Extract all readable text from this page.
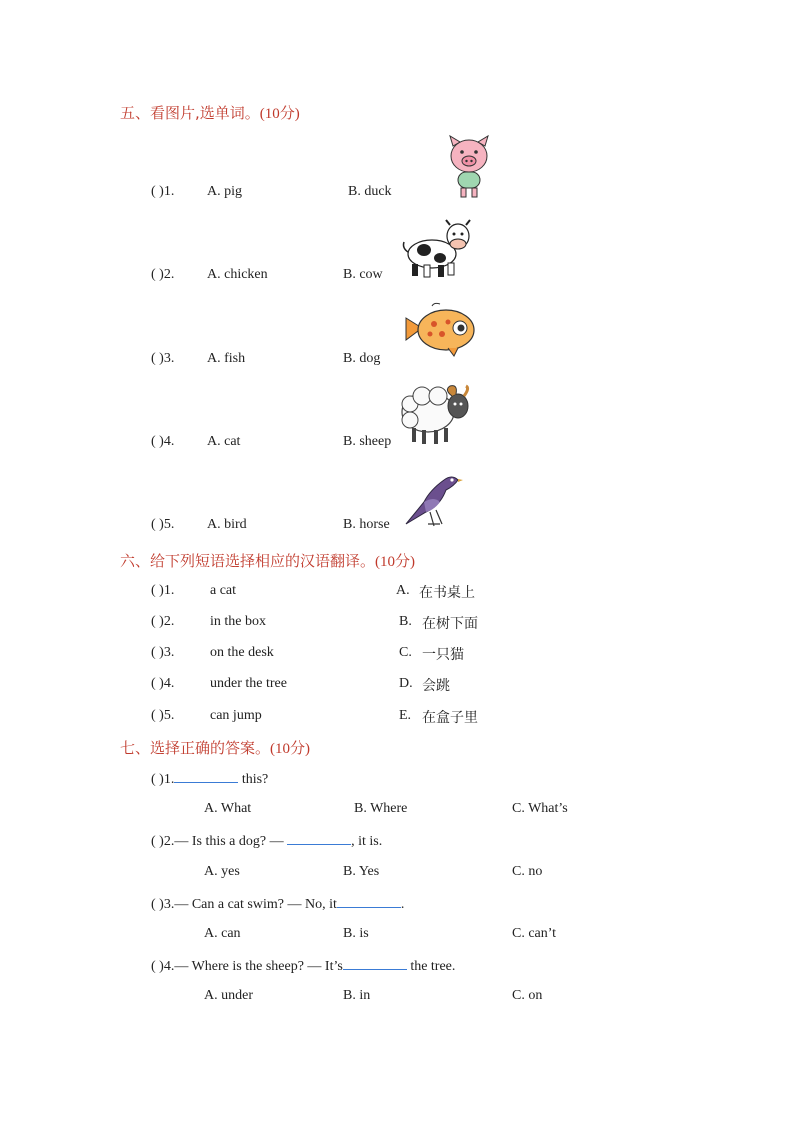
五、看图片,选单词。(10分)
( )1. A. pig	B. duck
( )2. A. chicken	B. cow
( )3. A. fish	B. dog
( )4. A. cat	B. sheep
( )5. A. bird	B. horse
六、给下列短语选择相应的汉语翻译。(10分)
( )1.	a cat	A. 在书桌上
( )2.	in the box	B. 在树下面
( )3.	on the desk	C. 一只猫
( )4.	under the tree	D. 会跳
( )5.	can jump	E. 在盒子里
七、选择正确的答案。(10分)
( )1.	this?
A. What	B. Where	C. What’s
( )2.— Is this a dog? —	, it is.
A. yes	B. Yes	C. no
( )3.— Can a cat swim? — No, it	.
A. can	B. is	C. can’t
( )4.— Where is the sheep? — It’s	the tree.
A. under	B. in	C. on
